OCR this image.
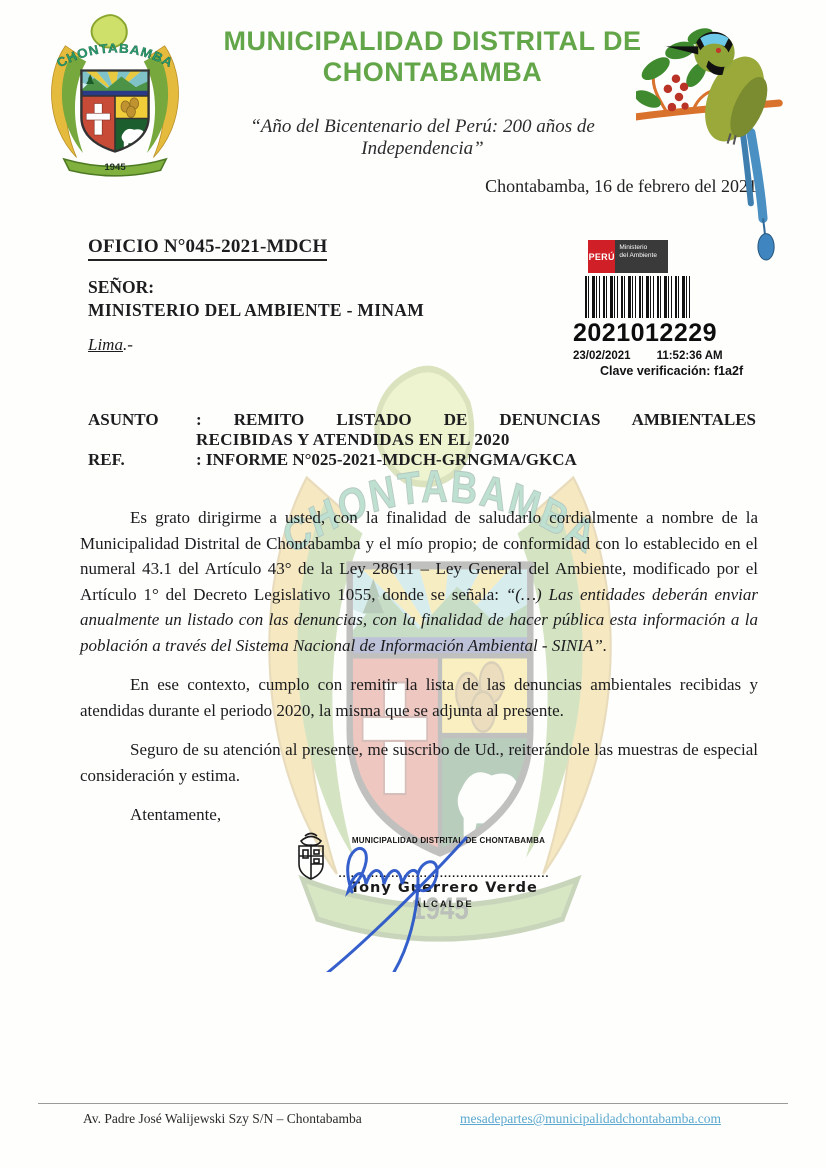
MUNICIPALIDAD DISTRITAL DE
CHONTABAMBA
“Año del Bicentenario del Perú: 200 años de Independencia”
Chontabamba, 16 de febrero del 2021
OFICIO N°045-2021-MDCH
SEÑOR:
MINISTERIO DEL AMBIENTE - MINAM
Lima.-
PERÚ
Ministerio
del Ambiente
2021012229
23/02/2021 11:52:36 AM
Clave verificación: f1a2f
ASUNTO	: REMITO LISTADO DE DENUNCIAS AMBIENTALES
RECIBIDAS Y ATENDIDAS EN EL 2020
REF.	: INFORME N°025-2021-MDCH-GRNGMA/GKCA

Es grato dirigirme a usted, con la finalidad de saludarlo cordialmente a nombre de la Municipalidad Distrital de Chontabamba y el mío propio; de conformidad con lo establecido en el numeral 43.1 del Artículo 43° de la Ley 28611 – Ley General del Ambiente, modificado por el Artículo 1° del Decreto Legislativo 1055, donde se señala: “(…) Las entidades deberán enviar anualmente un listado con las denuncias, con la finalidad de hacer pública esta información a la población a través del Sistema Nacional de Información Ambiental - SINIA”.

En ese contexto, cumplo con remitir la lista de las denuncias ambientales recibidas y atendidas durante el periodo 2020, la misma que se adjunta al presente.

Seguro de su atención al presente, me suscribo de Ud., reiterándole las muestras de especial consideración y estima.

Atentamente,

MUNICIPALIDAD DISTRITAL DE CHONTABAMBA
....................................................
Tony Guerrero Verde
ALCALDE
Av. Padre José Walijewski Szy S/N – Chontabamba	mesadepartes@municipalidadchontabamba.com
